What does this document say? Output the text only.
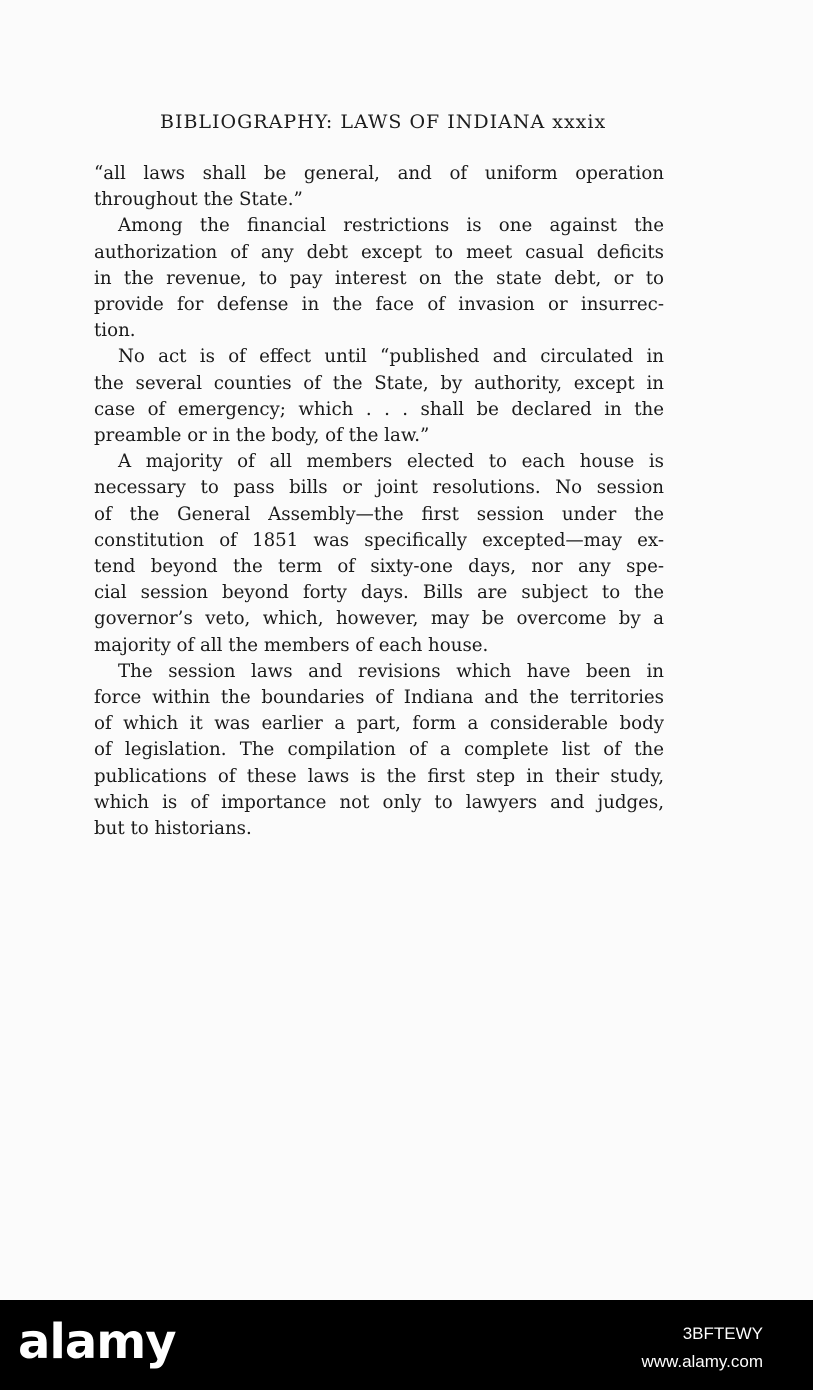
BIBLIOGRAPHY: LAWS OF INDIANA xxxix
“all laws shall be general, and of uniform operation
throughout the State.”
Among the financial restrictions is one against the
authorization of any debt except to meet casual deficits
in the revenue, to pay interest on the state debt, or to
provide for defense in the face of invasion or insurrec-
tion.
No act is of effect until “published and circulated in
the several counties of the State, by authority, except in
case of emergency; which . . . shall be declared in the
preamble or in the body, of the law.”
A majority of all members elected to each house is
necessary to pass bills or joint resolutions. No session
of the General Assembly—the first session under the
constitution of 1851 was specifically excepted—may ex-
tend beyond the term of sixty-one days, nor any spe-
cial session beyond forty days. Bills are subject to the
governor’s veto, which, however, may be overcome by a
majority of all the members of each house.
The session laws and revisions which have been in
force within the boundaries of Indiana and the territories
of which it was earlier a part, form a considerable body
of legislation. The compilation of a complete list of the
publications of these laws is the first step in their study,
which is of importance not only to lawyers and judges,
but to historians.
alamy	3BFTEWY
www.alamy.com
